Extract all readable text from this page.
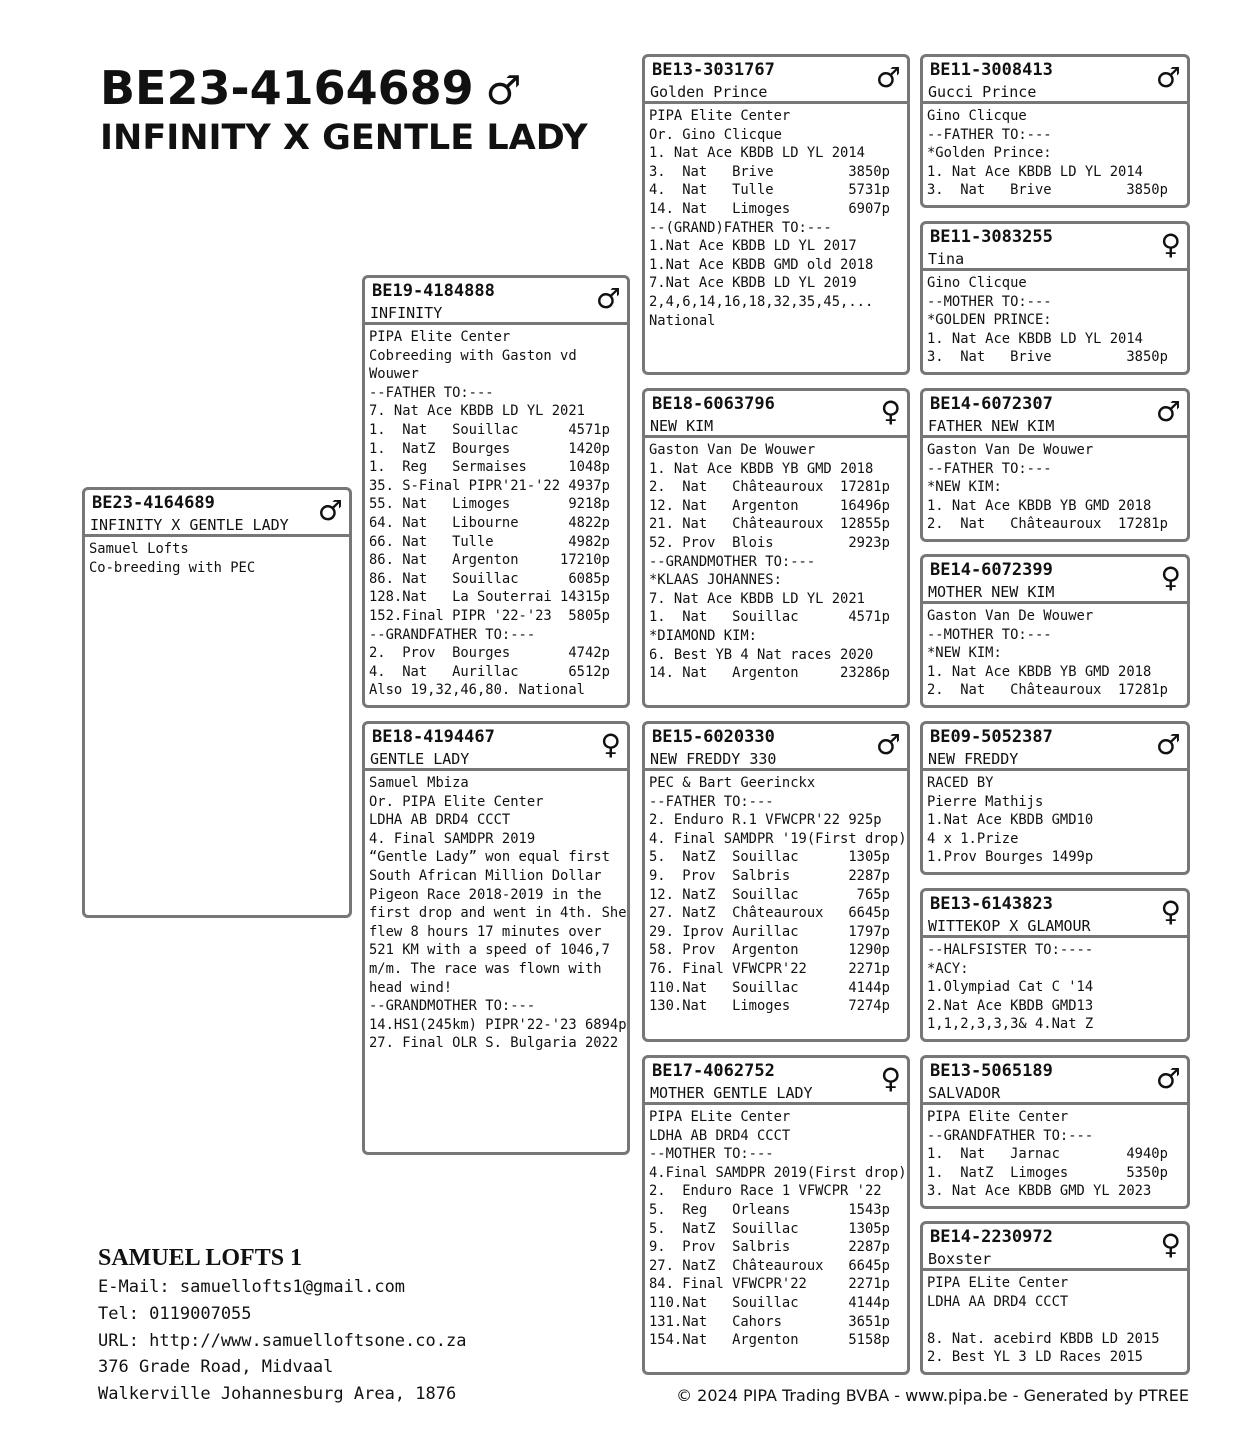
BE23-4164689 ♂
INFINITY X GENTLE LADY
BE23-4164689
INFINITY X GENTLE LADY ♂
Samuel Lofts
Co-breeding with PEC
BE19-4184888
INFINITY	♂
PIPA Elite Center
Cobreeding with Gaston vd
Wouwer
--FATHER TO:---
7. Nat Ace KBDB LD YL 2021
1.  Nat   Souillac      4571p
1.  NatZ  Bourges       1420p
1.  Reg   Sermaises     1048p
35. S-Final PIPR'21-'22 4937p
55. Nat   Limoges       9218p
64. Nat   Libourne      4822p
66. Nat   Tulle         4982p
86. Nat   Argenton     17210p
86. Nat   Souillac      6085p
128.Nat   La Souterrai 14315p
152.Final PIPR '22-'23  5805p
--GRANDFATHER TO:---
2.  Prov  Bourges       4742p
4.  Nat   Aurillac      6512p
Also 19,32,46,80. National
BE18-4194467
GENTLE LADY	♀
Samuel Mbiza
Or. PIPA Elite Center
LDHA AB DRD4 CCCT
4. Final SAMDPR 2019
“Gentle Lady” won equal first
South African Million Dollar
Pigeon Race 2018-2019 in the
first drop and went in 4th. She
flew 8 hours 17 minutes over
521 KM with a speed of 1046,7
m/m. The race was flown with
head wind!
--GRANDMOTHER TO:---
14.HS1(245km) PIPR'22-'23 6894p
27. Final OLR S. Bulgaria 2022
BE13-3031767
Golden Prince	♂
PIPA Elite Center
Or. Gino Clicque
1. Nat Ace KBDB LD YL 2014
3.  Nat   Brive         3850p
4.  Nat   Tulle         5731p
14. Nat   Limoges       6907p
--(GRAND)FATHER TO:---
1.Nat Ace KBDB LD YL 2017
1.Nat Ace KBDB GMD old 2018
7.Nat Ace KBDB LD YL 2019
2,4,6,14,16,18,32,35,45,...
National
BE18-6063796
NEW KIM	♀
Gaston Van De Wouwer
1. Nat Ace KBDB YB GMD 2018
2.  Nat   Châteauroux  17281p
12. Nat   Argenton     16496p
21. Nat   Châteauroux  12855p
52. Prov  Blois         2923p
--GRANDMOTHER TO:---
*KLAAS JOHANNES:
7. Nat Ace KBDB LD YL 2021
1.  Nat   Souillac      4571p
*DIAMOND KIM:
6. Best YB 4 Nat races 2020
14. Nat   Argenton     23286p
BE15-6020330
NEW FREDDY 330	♂
PEC & Bart Geerinckx
--FATHER TO:---
2. Enduro R.1 VFWCPR'22 925p
4. Final SAMDPR '19(First drop)
5.  NatZ  Souillac      1305p
9.  Prov  Salbris       2287p
12. NatZ  Souillac       765p
27. NatZ  Châteauroux   6645p
29. Iprov Aurillac      1797p
58. Prov  Argenton      1290p
76. Final VFWCPR'22     2271p
110.Nat   Souillac      4144p
130.Nat   Limoges       7274p
BE17-4062752
MOTHER GENTLE LADY ♀
PIPA ELite Center
LDHA AB DRD4 CCCT
--MOTHER TO:---
4.Final SAMDPR 2019(First drop)
2.  Enduro Race 1 VFWCPR '22
5.  Reg   Orleans       1543p
5.  NatZ  Souillac      1305p
9.  Prov  Salbris       2287p
27. NatZ  Châteauroux   6645p
84. Final VFWCPR'22     2271p
110.Nat   Souillac      4144p
131.Nat   Cahors        3651p
154.Nat   Argenton      5158p
BE11-3008413
Gucci Prince	♂
Gino Clicque
--FATHER TO:---
*Golden Prince:
1. Nat Ace KBDB LD YL 2014
3.  Nat   Brive         3850p
BE11-3083255
Tina	♀
Gino Clicque
--MOTHER TO:---
*GOLDEN PRINCE:
1. Nat Ace KBDB LD YL 2014
3.  Nat   Brive         3850p
BE14-6072307
FATHER NEW KIM	♂
Gaston Van De Wouwer
--FATHER TO:---
*NEW KIM:
1. Nat Ace KBDB YB GMD 2018
2.  Nat   Châteauroux  17281p
BE14-6072399
MOTHER NEW KIM	♀
Gaston Van De Wouwer
--MOTHER TO:---
*NEW KIM:
1. Nat Ace KBDB YB GMD 2018
2.  Nat   Châteauroux  17281p
BE09-5052387
NEW FREDDY	♂
RACED BY
Pierre Mathijs
1.Nat Ace KBDB GMD10
4 x 1.Prize
1.Prov Bourges 1499p
BE13-6143823
WITTEKOP X GLAMOUR ♀
--HALFSISTER TO:----
*ACY:
1.Olympiad Cat C '14
2.Nat Ace KBDB GMD13
1,1,2,3,3,3& 4.Nat Z
BE13-5065189
SALVADOR	♂
PIPA Elite Center
--GRANDFATHER TO:---
1.  Nat   Jarnac        4940p
1.  NatZ  Limoges       5350p
3. Nat Ace KBDB GMD YL 2023
BE14-2230972
Boxster	♀
PIPA ELite Center
LDHA AA DRD4 CCCT

8. Nat. acebird KBDB LD 2015
2. Best YL 3 LD Races 2015
SAMUEL LOFTS 1
E-Mail: samuellofts1@gmail.com
Tel: 0119007055
URL: http://www.samuelloftsone.co.za
376 Grade Road, Midvaal
Walkerville Johannesburg Area, 1876	© 2024 PIPA Trading BVBA - www.pipa.be - Generated by PTREE
